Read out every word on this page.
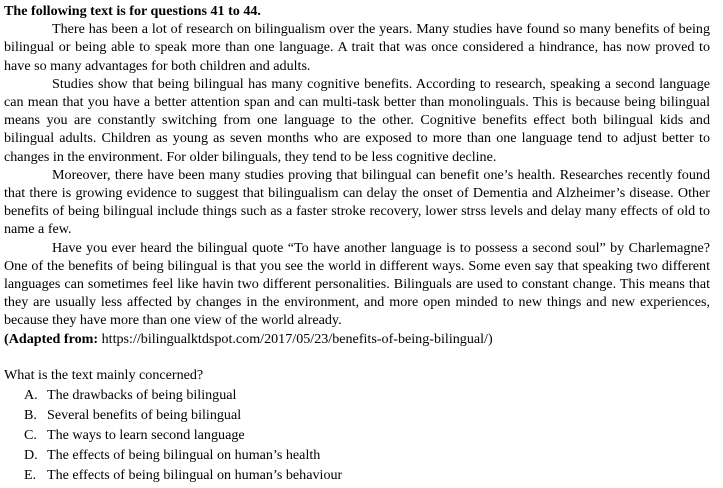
The following text is for questions 41 to 44.

There has been a lot of research on bilingualism over the years. Many studies have found so many benefits of being bilingual or being able to speak more than one language. A trait that was once considered a hindrance, has now proved to have so many advantages for both children and adults.

Studies show that being bilingual has many cognitive benefits. According to research, speaking a second language can mean that you have a better attention span and can multi-task better than monolinguals. This is because being bilingual means you are constantly switching from one language to the other. Cognitive benefits effect both bilingual kids and bilingual adults. Children as young as seven months who are exposed to more than one language tend to adjust better to changes in the environment. For older bilinguals, they tend to be less cognitive decline.

Moreover, there have been many studies proving that bilingual can benefit one’s health. Researches recently found that there is growing evidence to suggest that bilingualism can delay the onset of Dementia and Alzheimer’s disease. Other benefits of being bilingual include things such as a faster stroke recovery, lower strss levels and delay many effects of old to name a few.

Have you ever heard the bilingual quote “To have another language is to possess a second soul” by Charlemagne? One of the benefits of being bilingual is that you see the world in different ways. Some even say that speaking two different languages can sometimes feel like havin two different personalities. Bilinguals are used to constant change. This means that they are usually less affected by changes in the environment, and more open minded to new things and new experiences, because they have more than one view of the world already.

(Adapted from: https://bilingualktdspot.com/2017/05/23/benefits-of-being-bilingual/)

What is the text mainly concerned?

A. The drawbacks of being bilingual
B. Several benefits of being bilingual
C. The ways to learn second language
D. The effects of being bilingual on human’s health
E. The effects of being bilingual on human’s behaviour
